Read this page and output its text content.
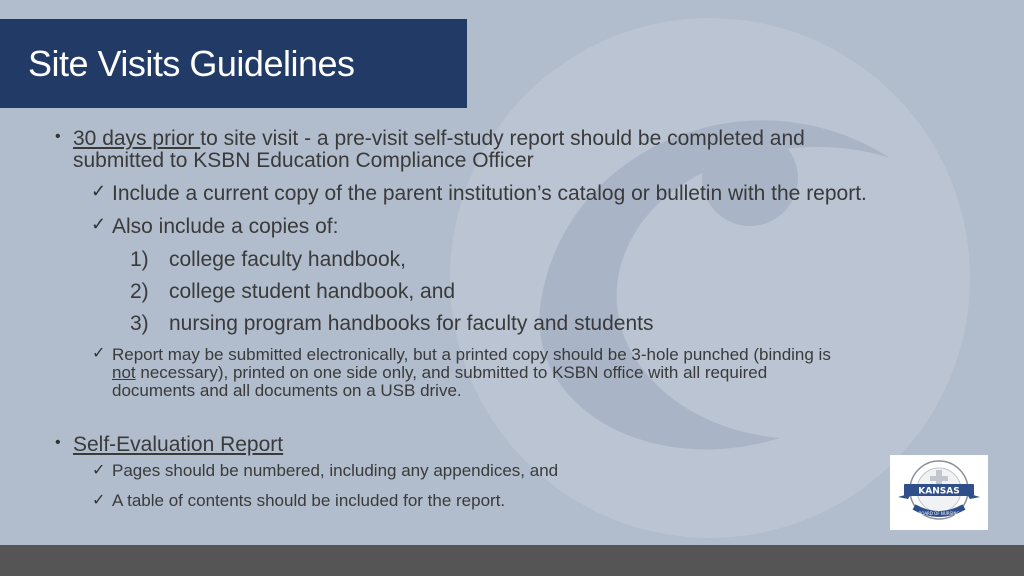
Site Visits Guidelines
• 30 days prior to site visit - a pre-visit self-study report should be completed and
submitted to KSBN Education Compliance Officer
✓ Include a current copy of the parent institution’s catalog or bulletin with the report.
✓ Also include a copies of:
1) college faculty handbook,
2) college student handbook, and
3) nursing program handbooks for faculty and students
✓ Report may be submitted electronically, but a printed copy should be 3-hole punched (binding is
not necessary), printed on one side only, and submitted to KSBN office with all required
documents and all documents on a USB drive.
• Self-Evaluation Report
✓ Pages should be numbered, including any appendices, and
✓ A table of contents should be included for the report.	KANSAS
BOARD OF NURSING
